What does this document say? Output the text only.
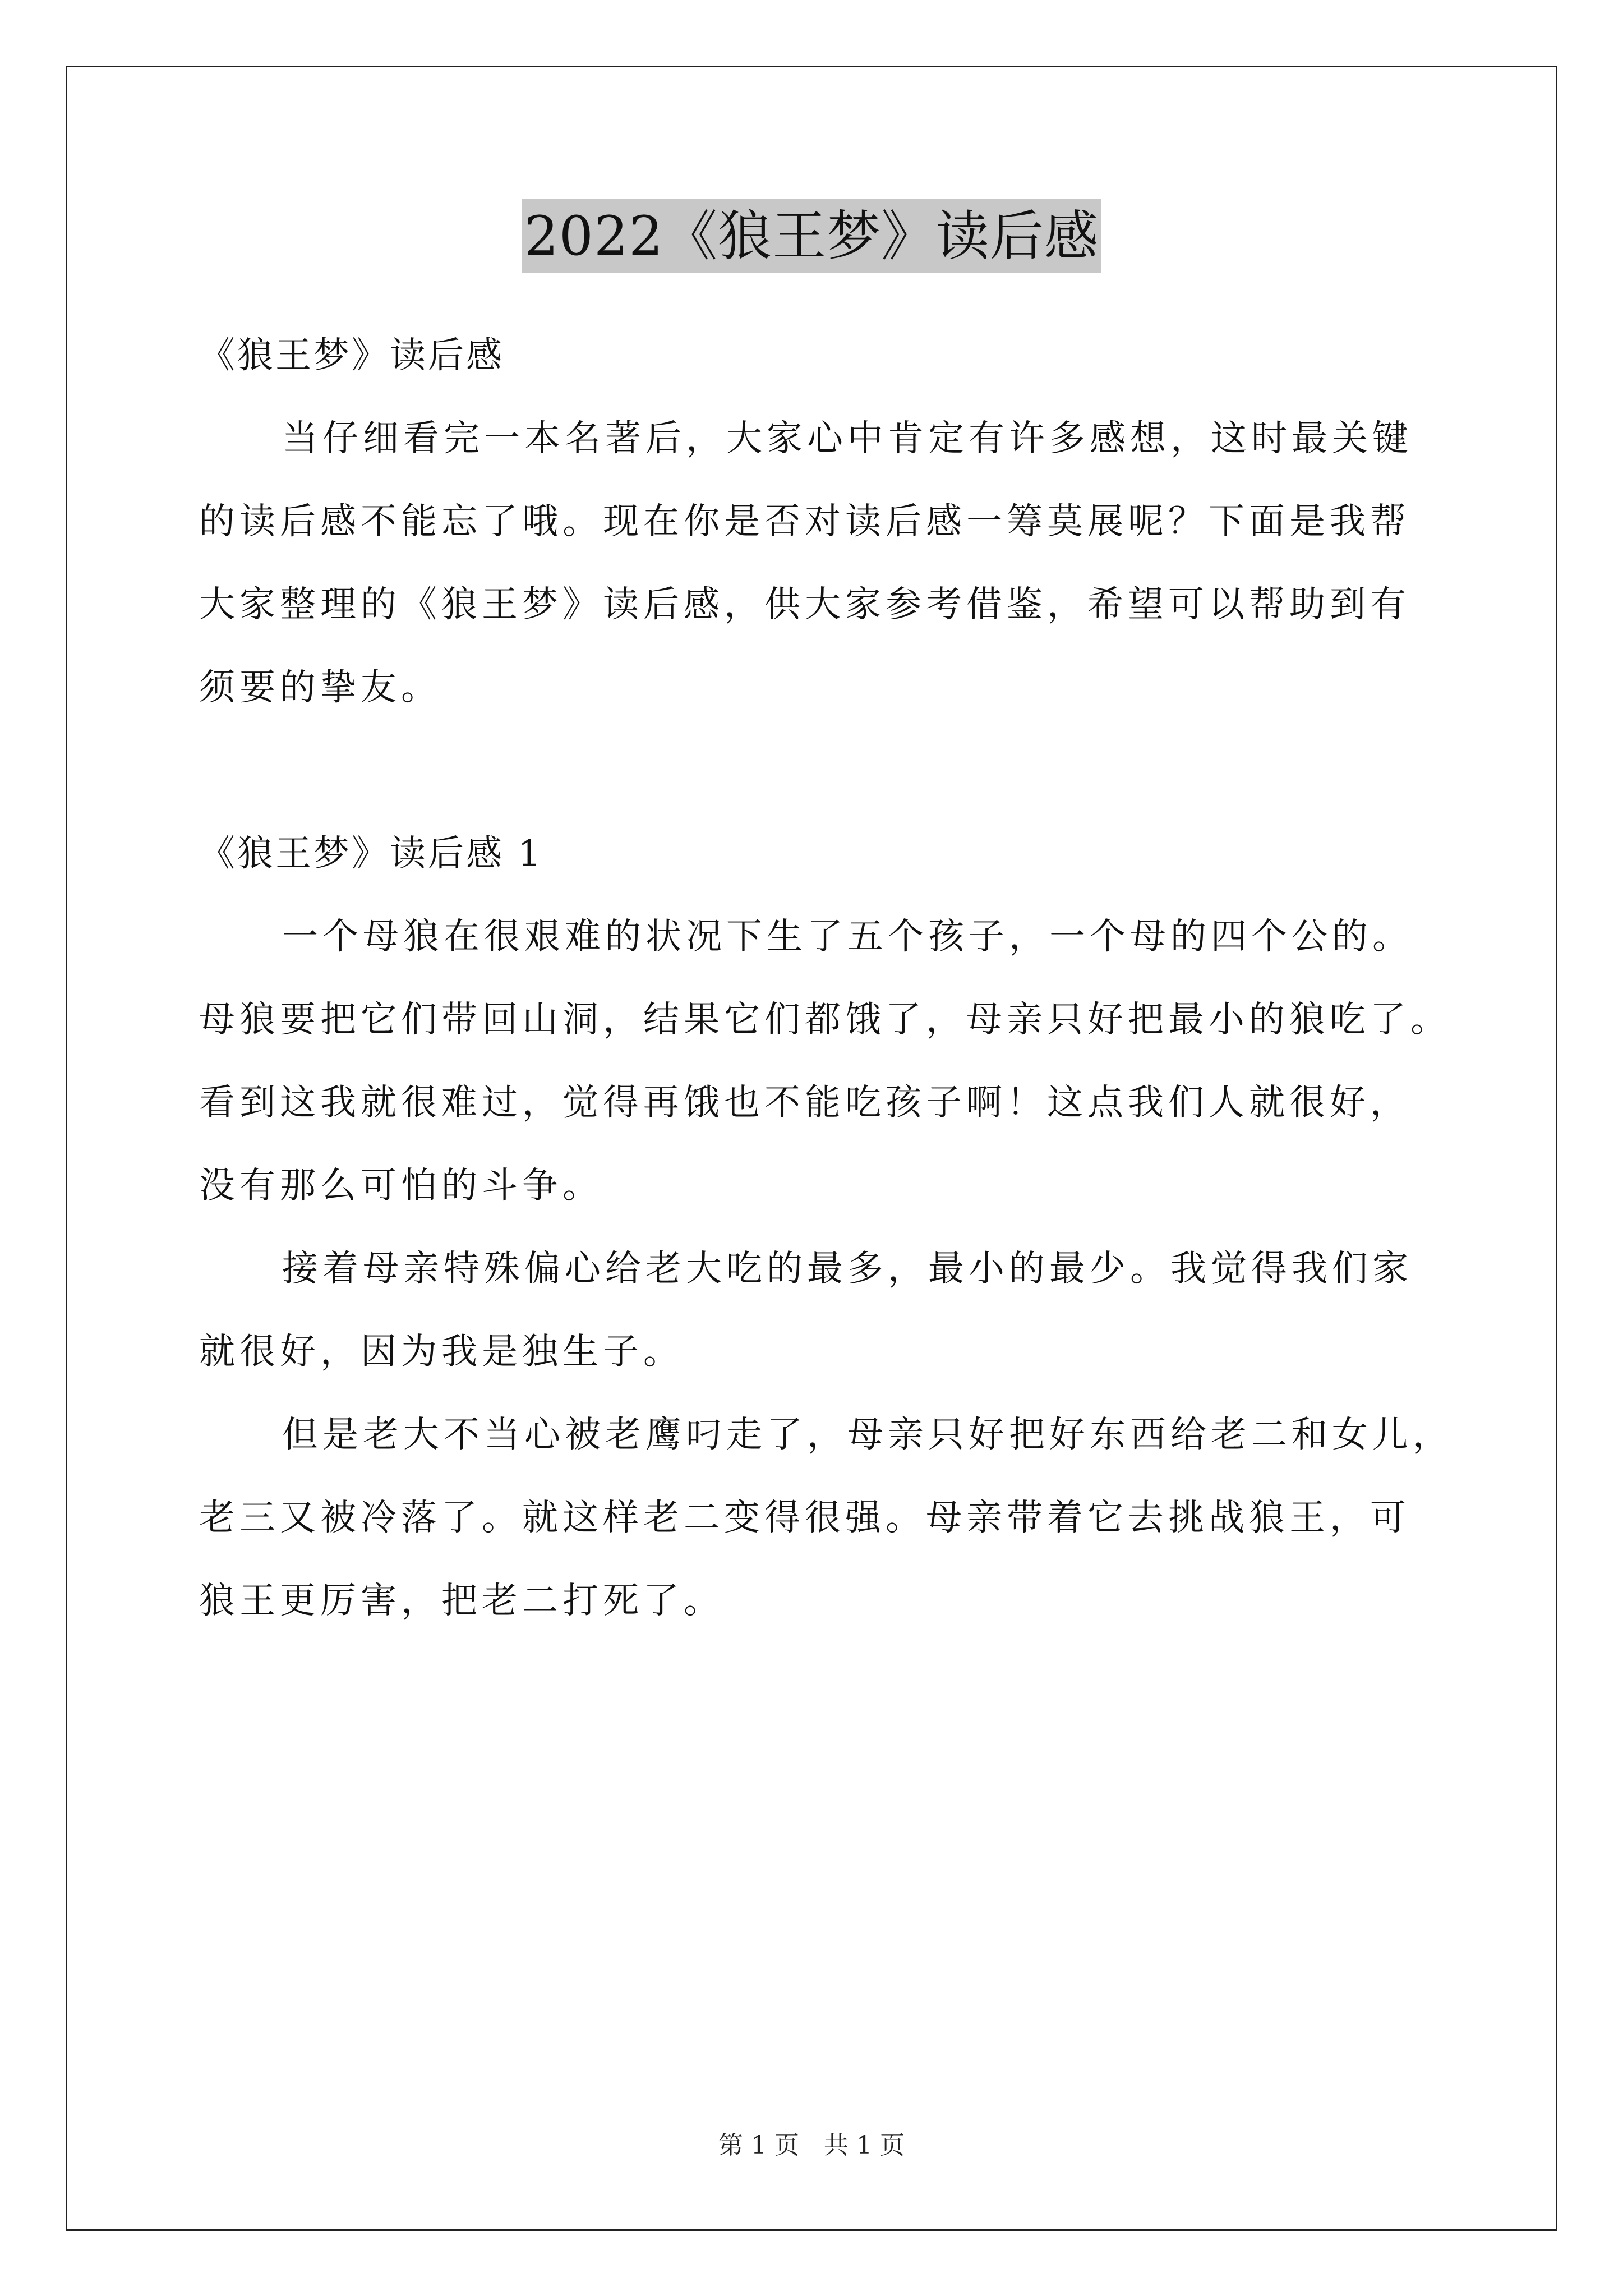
2022《狼王梦》读后感
《狼王梦》读后感
当仔细看完一本名著后，大家心中肯定有许多感想，这时最关键
的读后感不能忘了哦。现在你是否对读后感一筹莫展呢？下面是我帮
大家整理的《狼王梦》读后感，供大家参考借鉴，希望可以帮助到有
须要的挚友。
《狼王梦》读后感 1
一个母狼在很艰难的状况下生了五个孩子，一个母的四个公的。
母狼要把它们带回山洞，结果它们都饿了，母亲只好把最小的狼吃了。
看到这我就很难过，觉得再饿也不能吃孩子啊！这点我们人就很好，
没有那么可怕的斗争。
接着母亲特殊偏心给老大吃的最多，最小的最少。我觉得我们家
就很好，因为我是独生子。
但是老大不当心被老鹰叼走了，母亲只好把好东西给老二和女儿，
老三又被冷落了。就这样老二变得很强。母亲带着它去挑战狼王，可
狼王更厉害，把老二打死了。
第 1 页　共 1 页
